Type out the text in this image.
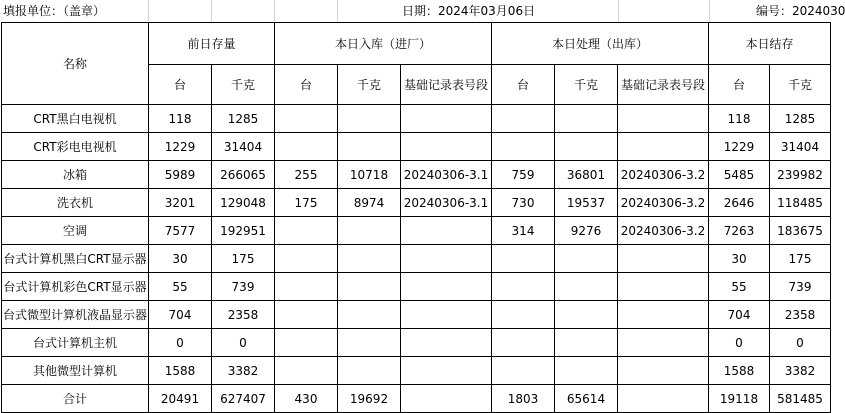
填报单位：（盖章）	日期：2024年03月06日	编号：2024030
名称	前日存量		本日入库（进厂）			本日处理（出库）			本日结存	
	台	千克	台	千克	基础记录表号段	台	千克	基础记录表号段	台	千克
CRT黑白电视机	118	1285							118	1285
CRT彩电电视机	1229	31404							1229	31404
冰箱	5989	266065	255	10718	20240306-3.1	759	36801	20240306-3.2	5485	239982
洗衣机	3201	129048	175	8974	20240306-3.1	730	19537	20240306-3.2	2646	118485
空调	7577	192951				314	9276	20240306-3.2	7263	183675
台式计算机黑白CRT显示器	30	175							30	175
台式计算机彩色CRT显示器	55	739							55	739
台式微型计算机液晶显示器	704	2358							704	2358
台式计算机主机	0	0							0	0
其他微型计算机	1588	3382							1588	3382
合计	20491	627407	430	19692		1803	65614		19118	581485
